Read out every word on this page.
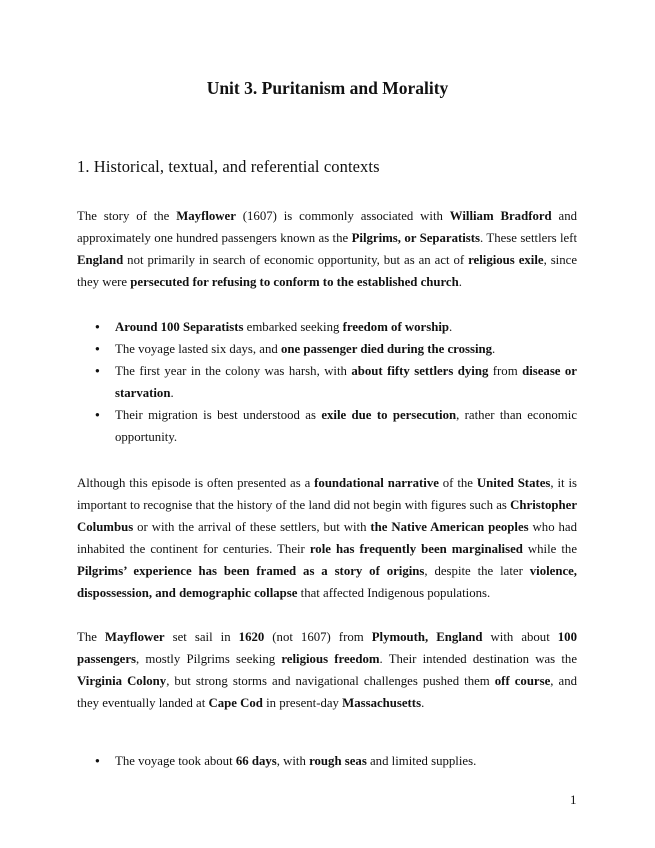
Unit 3. Puritanism and Morality
1. Historical, textual, and referential contexts

The story of the Mayflower (1607) is commonly associated with William Bradford and approximately one hundred passengers known as the Pilgrims, or Separatists. These settlers left England not primarily in search of economic opportunity, but as an act of religious exile, since they were persecuted for refusing to conform to the established church.

● Around 100 Separatists embarked seeking freedom of worship.
● The voyage lasted six days, and one passenger died during the crossing.
● The first year in the colony was harsh, with about fifty settlers dying from disease or starvation.
● Their migration is best understood as exile due to persecution, rather than economic opportunity.

Although this episode is often presented as a foundational narrative of the United States, it is important to recognise that the history of the land did not begin with figures such as Christopher Columbus or with the arrival of these settlers, but with the Native American peoples who had inhabited the continent for centuries. Their role has frequently been marginalised while the Pilgrims’ experience has been framed as a story of origins, despite the later violence, dispossession, and demographic collapse that affected Indigenous populations.

The Mayflower set sail in 1620 (not 1607) from Plymouth, England with about 100 passengers, mostly Pilgrims seeking religious freedom. Their intended destination was the Virginia Colony, but strong storms and navigational challenges pushed them off course, and they eventually landed at Cape Cod in present-day Massachusetts.

● The voyage took about 66 days, with rough seas and limited supplies.
1
